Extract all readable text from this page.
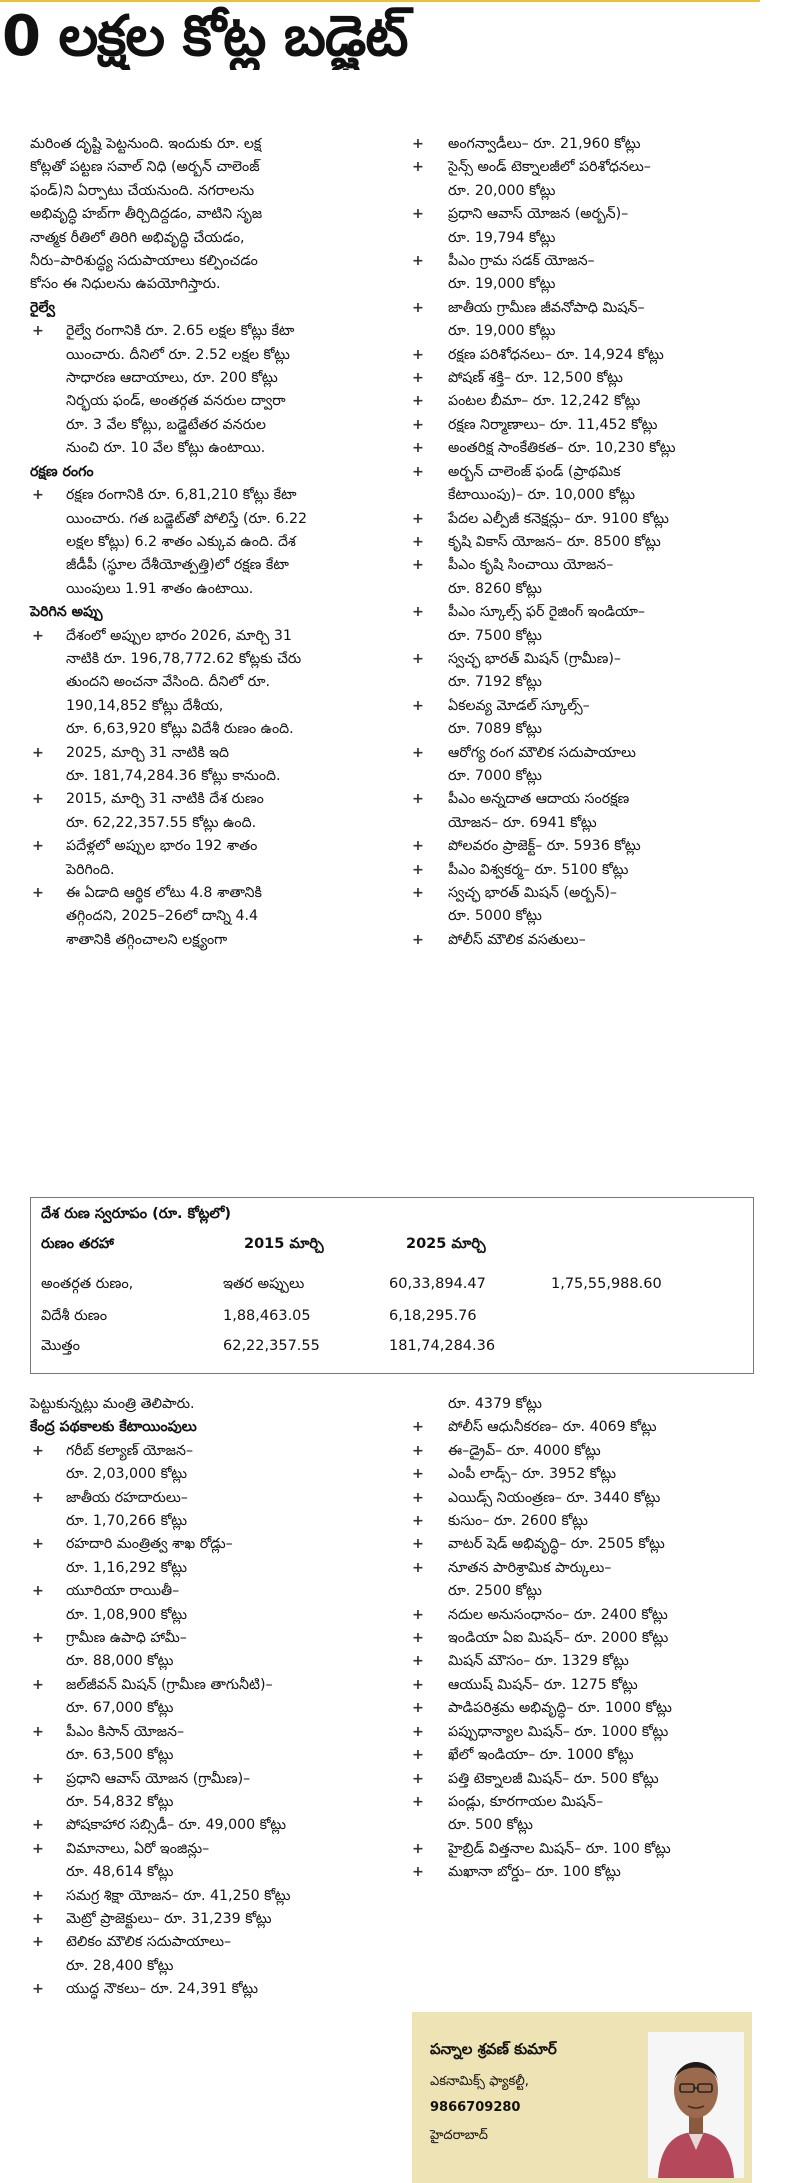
0 లక్షల కోట్ల బడ్జెట్
మరింత దృష్టి పెట్టనుంది. ఇందుకు రూ. లక్ష
కోట్లతో పట్టణ సవాల్ నిధి (అర్బన్ చాలెంజ్
ఫండ్)ని ఏర్పాటు చేయనుంది. నగరాలను
అభివృద్ధి హబ్‌గా తీర్చిదిద్దడం, వాటిని సృజ
నాత్మక రీతిలో తిరిగి అభివృద్ధి చేయడం,
నీరు–పారిశుద్ధ్య సదుపాయాలు కల్పించడం
కోసం ఈ నిధులను ఉపయోగిస్తారు.
రైల్వే
+	రైల్వే రంగానికి రూ. 2.65 లక్షల కోట్లు కేటా
యించారు. దీనిలో రూ. 2.52 లక్షల కోట్లు
సాధారణ ఆదాయాలు, రూ. 200 కోట్లు
నిర్భయ ఫండ్, అంతర్గత వనరుల ద్వారా
రూ. 3 వేల కోట్లు, బడ్జెటేతర వనరుల
నుంచి రూ. 10 వేల కోట్లు ఉంటాయి.
రక్షణ రంగం
+	రక్షణ రంగానికి రూ. 6,81,210 కోట్లు కేటా
యించారు. గత బడ్జెట్‌తో పోలిస్తే (రూ. 6.22
లక్షల కోట్లు) 6.2 శాతం ఎక్కువ ఉంది. దేశ
జీడీపీ (స్థూల దేశీయోత్పత్తి)లో రక్షణ కేటా
యింపులు 1.91 శాతం ఉంటాయి.
పెరిగిన అప్పు
+	దేశంలో అప్పుల భారం 2026, మార్చి 31
నాటికి రూ. 196,78,772.62 కోట్లకు చేరు
తుందని అంచనా వేసింది. దీనిలో రూ.
190,14,852 కోట్లు దేశీయ,
రూ. 6,63,920 కోట్లు విదేశీ రుణం ఉంది.
+	2025, మార్చి 31 నాటికి ఇది
రూ. 181,74,284.36 కోట్లు కానుంది.
+	2015, మార్చి 31 నాటికి దేశ రుణం
రూ. 62,22,357.55 కోట్లు ఉంది.
+	పదేళ్లలో అప్పుల భారం 192 శాతం
పెరిగింది.
+	ఈ ఏడాది ఆర్థిక లోటు 4.8 శాతానికి
తగ్గిందని, 2025–26లో దాన్ని 4.4
శాతానికి తగ్గించాలని లక్ష్యంగా
+	అంగన్వాడీలు– రూ. 21,960 కోట్లు
+	సైన్స్ అండ్ టెక్నాలజీలో పరిశోధనలు–
రూ. 20,000 కోట్లు
+	ప్రధాని ఆవాస్ యోజన (అర్బన్)–
రూ. 19,794 కోట్లు
+	పీఎం గ్రామ సడక్ యోజన–
రూ. 19,000 కోట్లు
+	జాతీయ గ్రామీణ జీవనోపాధి మిషన్–
రూ. 19,000 కోట్లు
+	రక్షణ పరిశోధనలు– రూ. 14,924 కోట్లు
+	పోషణ్ శక్తి– రూ. 12,500 కోట్లు
+	పంటల బీమా– రూ. 12,242 కోట్లు
+	రక్షణ నిర్మాణాలు– రూ. 11,452 కోట్లు
+	అంతరిక్ష సాంకేతికత– రూ. 10,230 కోట్లు
+	అర్బన్ చాలెంజ్ ఫండ్ (ప్రాథమిక
కేటాయింపు)– రూ. 10,000 కోట్లు
+	పేదల ఎల్పీజీ కనెక్షన్లు– రూ. 9100 కోట్లు
+	కృషి వికాస్ యోజన– రూ. 8500 కోట్లు
+	పీఎం కృషి సించాయి యోజన–
రూ. 8260 కోట్లు
+	పీఎం స్కూల్స్ ఫర్ రైజింగ్ ఇండియా–
రూ. 7500 కోట్లు
+	స్వచ్ఛ భారత్ మిషన్ (గ్రామీణ)–
రూ. 7192 కోట్లు
+	ఏకలవ్య మోడల్ స్కూల్స్–
రూ. 7089 కోట్లు
+	ఆరోగ్య రంగ మౌలిక సదుపాయాలు
రూ. 7000 కోట్లు
+	పీఎం అన్నదాత ఆదాయ సంరక్షణ
యోజన– రూ. 6941 కోట్లు
+	పోలవరం ప్రాజెక్ట్– రూ. 5936 కోట్లు
+	పీఎం విశ్వకర్మ– రూ. 5100 కోట్లు
+	స్వచ్ఛ భారత్ మిషన్ (అర్బన్)–
రూ. 5000 కోట్లు
+	పోలీస్ మౌలిక వసతులు–
దేశ రుణ స్వరూపం (రూ. కోట్లలో)
రుణం తరహా	2015 మార్చి	2025 మార్చి
అంతర్గత రుణం,	ఇతర అప్పులు	60,33,894.47	1,75,55,988.60
విదేశీ రుణం	1,88,463.05	6,18,295.76
మొత్తం	62,22,357.55	181,74,284.36
పెట్టుకున్నట్లు మంత్రి తెలిపారు.
కేంద్ర పథకాలకు కేటాయింపులు
+	గరీబ్ కల్యాణ్ యోజన–
రూ. 2,03,000 కోట్లు
+	జాతీయ రహదారులు–
రూ. 1,70,266 కోట్లు
+	రహదారి మంత్రిత్వ శాఖ రోడ్లు–
రూ. 1,16,292 కోట్లు
+	యూరియా రాయితీ–
రూ. 1,08,900 కోట్లు
+	గ్రామీణ ఉపాధి హామీ–
రూ. 88,000 కోట్లు
+	జల్‌జీవన్ మిషన్ (గ్రామీణ తాగునీటి)–
రూ. 67,000 కోట్లు
+	పీఎం కిసాన్ యోజన–
రూ. 63,500 కోట్లు
+	ప్రధాని ఆవాస్ యోజన (గ్రామీణ)–
రూ. 54,832 కోట్లు
+	పోషకాహార సబ్సిడీ– రూ. 49,000 కోట్లు
+	విమానాలు, ఏరో ఇంజిన్లు–
రూ. 48,614 కోట్లు
+	సమగ్ర శిక్షా యోజన– రూ. 41,250 కోట్లు
+	మెట్రో ప్రాజెక్టులు– రూ. 31,239 కోట్లు
+	టెలికం మౌలిక సదుపాయాలు–
రూ. 28,400 కోట్లు
+	యుద్ధ నౌకలు– రూ. 24,391 కోట్లు
రూ. 4379 కోట్లు
+	పోలీస్ ఆధునీకరణ– రూ. 4069 కోట్లు
+	ఈ–డ్రైవ్– రూ. 4000 కోట్లు
+	ఎంపీ లాడ్స్– రూ. 3952 కోట్లు
+	ఎయిడ్స్ నియంత్రణ– రూ. 3440 కోట్లు
+	కుసుం– రూ. 2600 కోట్లు
+	వాటర్ షెడ్ అభివృద్ధి– రూ. 2505 కోట్లు
+	నూతన పారిశ్రామిక పార్కులు–
రూ. 2500 కోట్లు
+	నదుల అనుసంధానం– రూ. 2400 కోట్లు
+	ఇండియా ఏఐ మిషన్– రూ. 2000 కోట్లు
+	మిషన్ మౌసం– రూ. 1329 కోట్లు
+	ఆయుష్ మిషన్– రూ. 1275 కోట్లు
+	పాడిపరిశ్రమ అభివృద్ధి– రూ. 1000 కోట్లు
+	పప్పుధాన్యాల మిషన్– రూ. 1000 కోట్లు
+	ఖేలో ఇండియా– రూ. 1000 కోట్లు
+	పత్తి టెక్నాలజీ మిషన్– రూ. 500 కోట్లు
+	పండ్లు, కూరగాయల మిషన్–
రూ. 500 కోట్లు
+	హైబ్రిడ్ విత్తనాల మిషన్– రూ. 100 కోట్లు
+	మఖానా బోర్డు– రూ. 100 కోట్లు
పన్నాల శ్రవణ్ కుమార్
ఎకనామిక్స్ ఫ్యాకల్టీ,
9866709280
హైదరాబాద్
